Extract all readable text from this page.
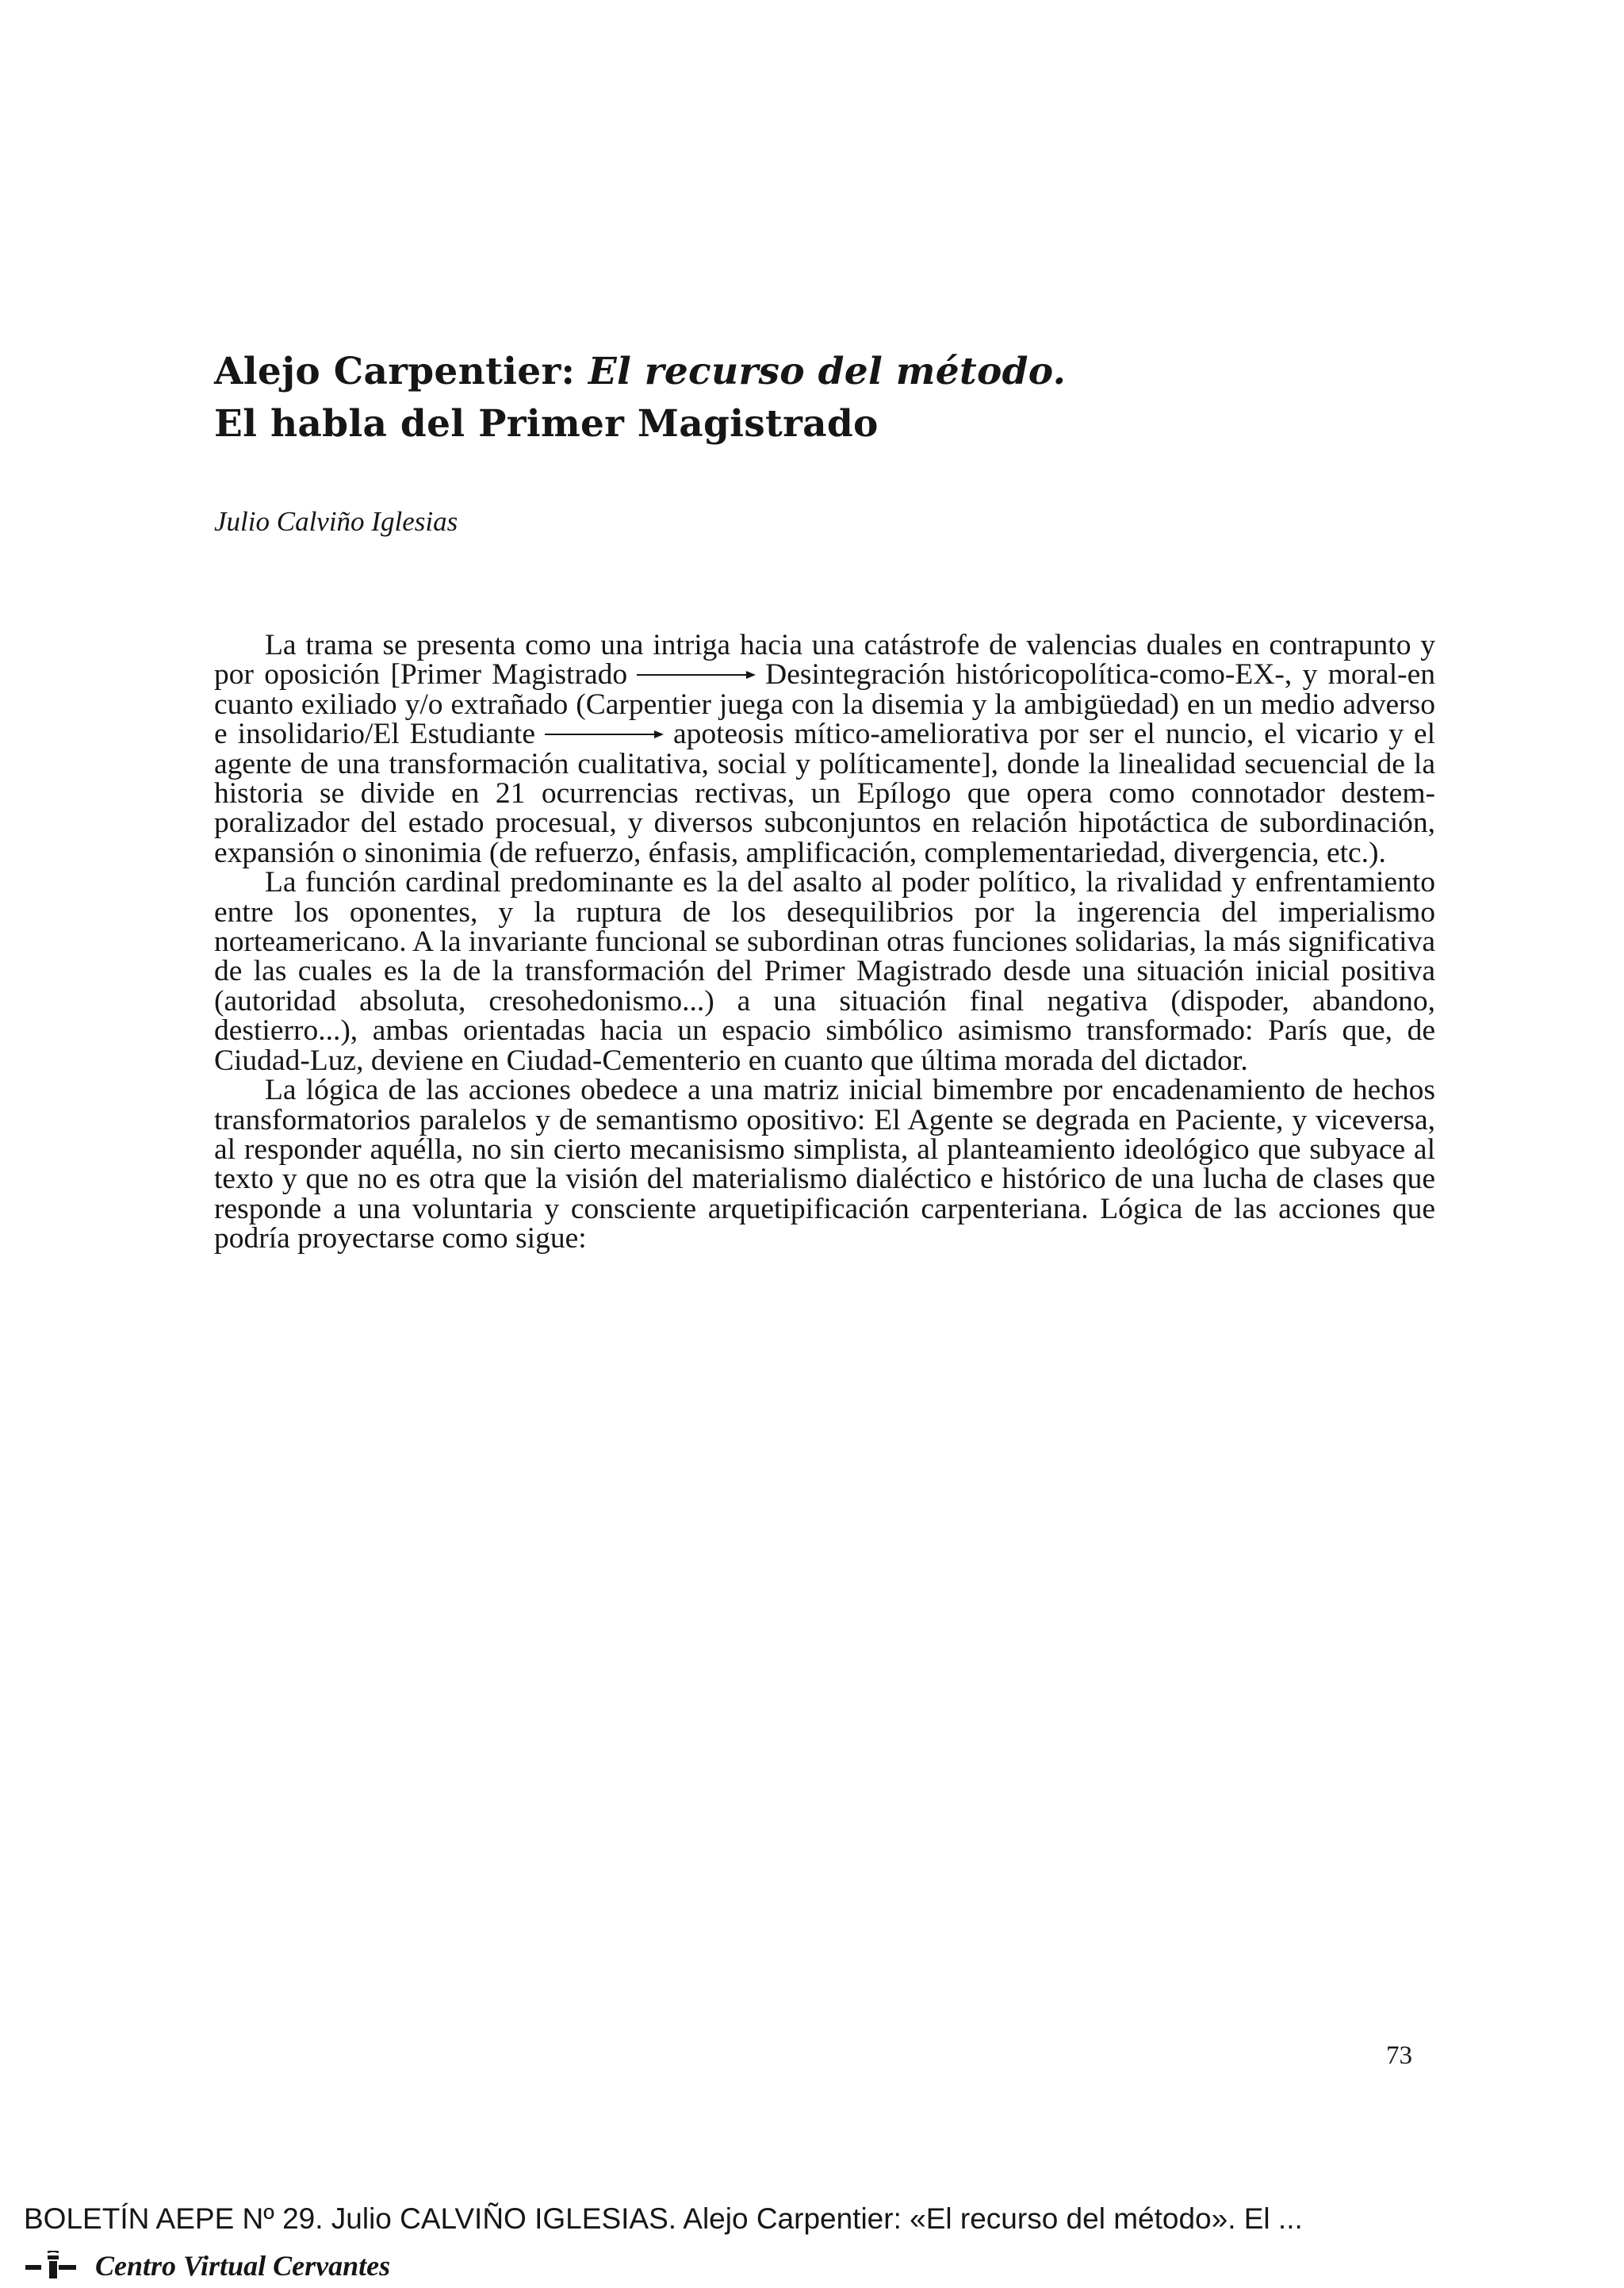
Alejo Carpentier: El recurso del método.
El habla del Primer Magistrado
Julio Calviño Iglesias

La trama se presenta como una intriga hacia una catástrofe de valencias duales en contrapunto y por oposición [Primer Magistrado	Desintegración históricopolítica-como-EX-, y moral-en cuanto exiliado y/o extrañado (Carpentier juega con la disemia y la ambigüedad) en un medio adverso e insolidario/El Estudiante	apoteosis mítico-ameliorativa por ser el nuncio, el vicario y el agente de una transformación cualitativa, social y políticamente], donde la linealidad secuencial de la historia se divide en 21 ocurrencias rectivas, un Epílogo que opera como connotador destemporalizador del estado procesual, y diversos subconjuntos en relación hipotáctica de subordinación, expansión o sinonimia (de refuerzo, énfasis, amplificación, complementariedad, divergencia, etc.).

La función cardinal predominante es la del asalto al poder político, la rivalidad y enfrentamiento entre los oponentes, y la ruptura de los desequilibrios por la ingerencia del imperialismo norteamericano. A la invariante funcional se subordinan otras funciones solidarias, la más significativa de las cuales es la de la transformación del Primer Magistrado desde una situación inicial positiva (autoridad absoluta, cresohedonismo...) a una situación final negativa (dispoder, abandono, destierro...), ambas orientadas hacia un espacio simbólico asimismo transformado: París que, de Ciudad-Luz, deviene en Ciudad-Cementerio en cuanto que última morada del dictador.

La lógica de las acciones obedece a una matriz inicial bimembre por encadenamiento de hechos transformatorios paralelos y de semantismo opositivo: El Agente se degrada en Paciente, y viceversa, al responder aquélla, no sin cierto mecanisismo simplista, al planteamiento ideológico que subyace al texto y que no es otra que la visión del materialismo dialéctico e histórico de una lucha de clases que responde a una voluntaria y consciente arquetipificación carpenteriana. Lógica de las acciones que podría proyectarse como sigue:

73
BOLETÍN AEPE Nº 29. Julio CALVIÑO IGLESIAS. Alejo Carpentier: «El recurso del método». El ...
Centro Virtual Cervantes
